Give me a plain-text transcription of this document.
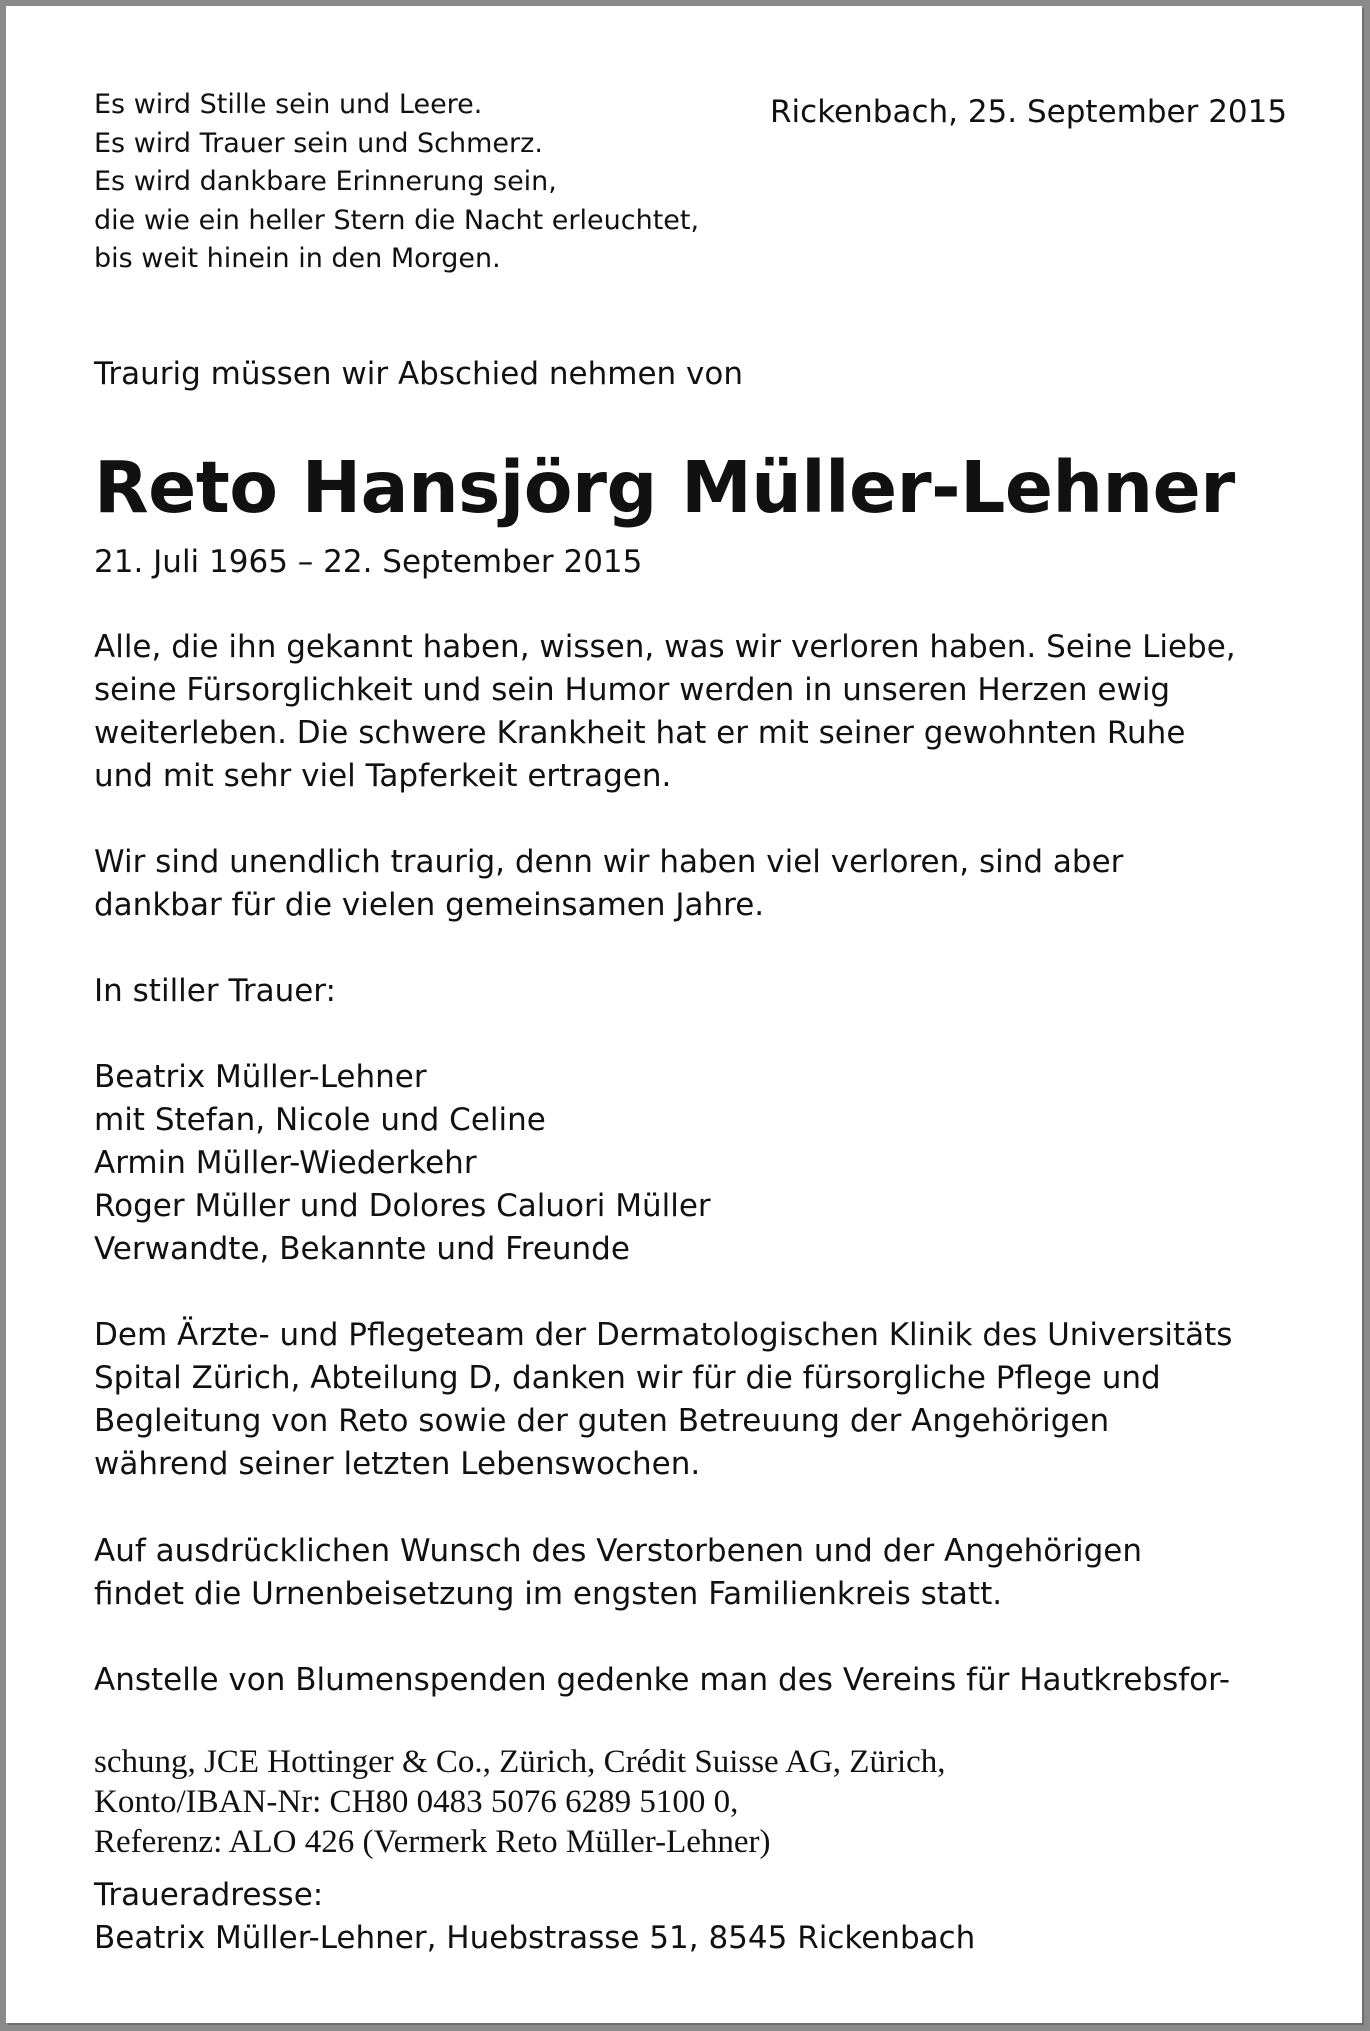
Es wird Stille sein und Leere.
Es wird Trauer sein und Schmerz.
Es wird dankbare Erinnerung sein,
die wie ein heller Stern die Nacht erleuchtet,
bis weit hinein in den Morgen.
Rickenbach, 25. September 2015
Traurig müssen wir Abschied nehmen von
Reto Hansjörg Müller-Lehner
21. Juli 1965 – 22. September 2015
Alle, die ihn gekannt haben, wissen, was wir verloren haben. Seine Liebe,
seine Fürsorglichkeit und sein Humor werden in unseren Herzen ewig
weiterleben. Die schwere Krankheit hat er mit seiner gewohnten Ruhe
und mit sehr viel Tapferkeit ertragen.
Wir sind unendlich traurig, denn wir haben viel verloren, sind aber
dankbar für die vielen gemeinsamen Jahre.
In stiller Trauer:
Beatrix Müller-Lehner
mit Stefan, Nicole und Celine
Armin Müller-Wiederkehr
Roger Müller und Dolores Caluori Müller
Verwandte, Bekannte und Freunde
Dem Ärzte- und Pflegeteam der Dermatologischen Klinik des Universitäts
Spital Zürich, Abteilung D, danken wir für die fürsorgliche Pflege und
Begleitung von Reto sowie der guten Betreuung der Angehörigen
während seiner letzten Lebenswochen.
Auf ausdrücklichen Wunsch des Verstorbenen und der Angehörigen
findet die Urnenbeisetzung im engsten Familienkreis statt.
Anstelle von Blumenspenden gedenke man des Vereins für Hautkrebsfor-
schung, JCE Hottinger & Co., Zürich, Crédit Suisse AG, Zürich,
Konto/IBAN-Nr: CH80 0483 5076 6289 5100 0,
Referenz: ALO 426 (Vermerk Reto Müller-Lehner)
Traueradresse:
Beatrix Müller-Lehner, Huebstrasse 51, 8545 Rickenbach
